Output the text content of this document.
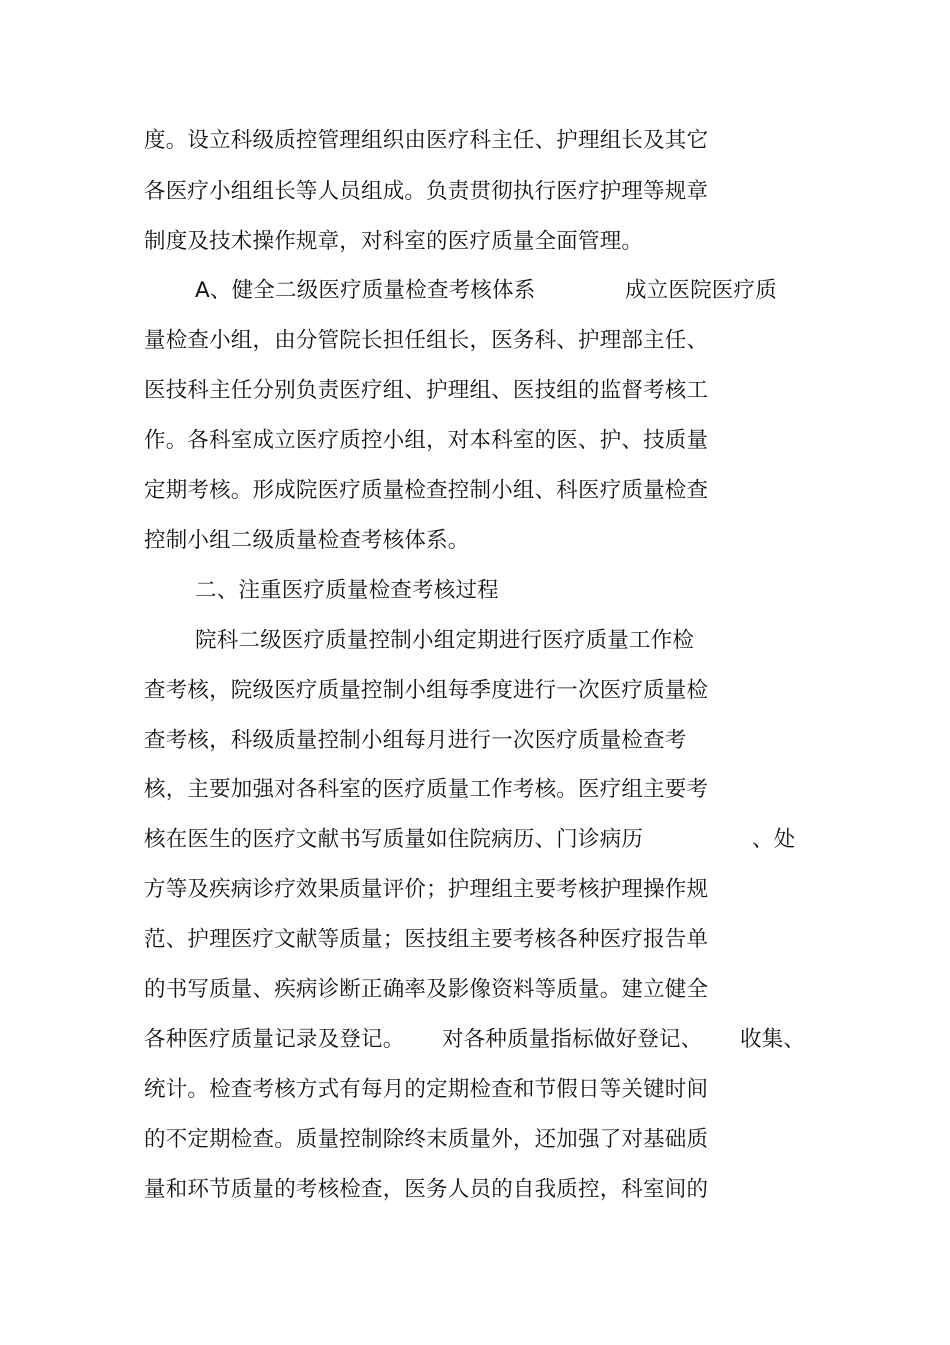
度。设立科级质控管理组织由医疗科主任、护理组长及其它
各医疗小组组长等人员组成。负责贯彻执行医疗护理等规章
制度及技术操作规章，对科室的医疗质量全面管理。
A、健全二级医疗质量检查考核体系	成立医院医疗质
量检查小组，由分管院长担任组长，医务科、护理部主任、
医技科主任分别负责医疗组、护理组、医技组的监督考核工
作。各科室成立医疗质控小组，对本科室的医、护、技质量
定期考核。形成院医疗质量检查控制小组、科医疗质量检查
控制小组二级质量检查考核体系。
二、注重医疗质量检查考核过程
院科二级医疗质量控制小组定期进行医疗质量工作检
查考核，院级医疗质量控制小组每季度进行一次医疗质量检
查考核，科级质量控制小组每月进行一次医疗质量检查考
核，主要加强对各科室的医疗质量工作考核。医疗组主要考
核在医生的医疗文献书写质量如住院病历、门诊病历	、处
方等及疾病诊疗效果质量评价；护理组主要考核护理操作规
范、护理医疗文献等质量；医技组主要考核各种医疗报告单
的书写质量、疾病诊断正确率及影像资料等质量。建立健全
各种医疗质量记录及登记。 对各种质量指标做好登记、 收集、
统计。检查考核方式有每月的定期检查和节假日等关键时间
的不定期检查。质量控制除终末质量外，还加强了对基础质
量和环节质量的考核检查，医务人员的自我质控，科室间的
